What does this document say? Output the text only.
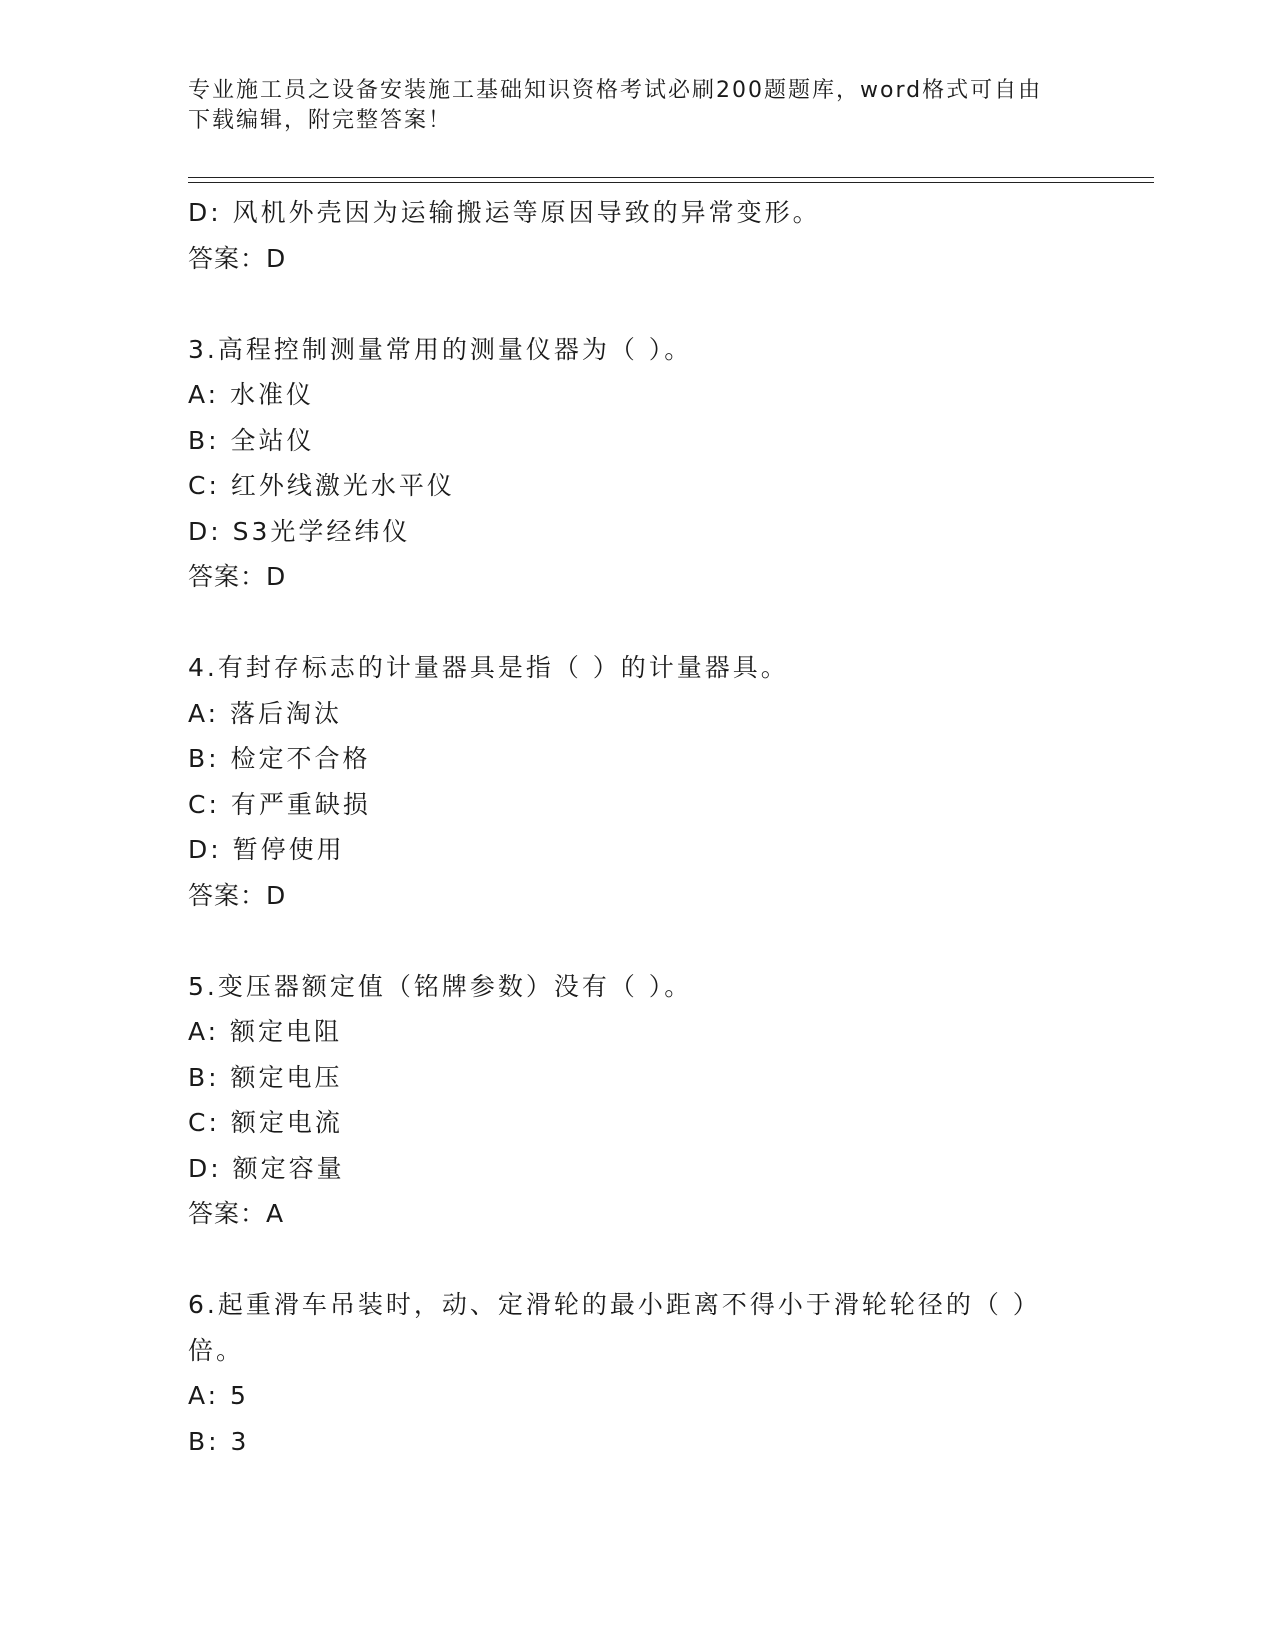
专业施工员之设备安装施工基础知识资格考试必刷200题题库，word格式可自由
下载编辑，附完整答案！
D: 风机外壳因为运输搬运等原因导致的异常变形。
答案：D
3.高程控制测量常用的测量仪器为（ ）。
A: 水准仪
B: 全站仪
C: 红外线激光水平仪
D: S3光学经纬仪
答案：D
4.有封存标志的计量器具是指（ ）的计量器具。
A: 落后淘汰
B: 检定不合格
C: 有严重缺损
D: 暂停使用
答案：D
5.变压器额定值（铭牌参数）没有（ ）。
A: 额定电阻
B: 额定电压
C: 额定电流
D: 额定容量
答案：A
6.起重滑车吊装时，动、定滑轮的最小距离不得小于滑轮轮径的（ ）
倍。
A: 5
B: 3
